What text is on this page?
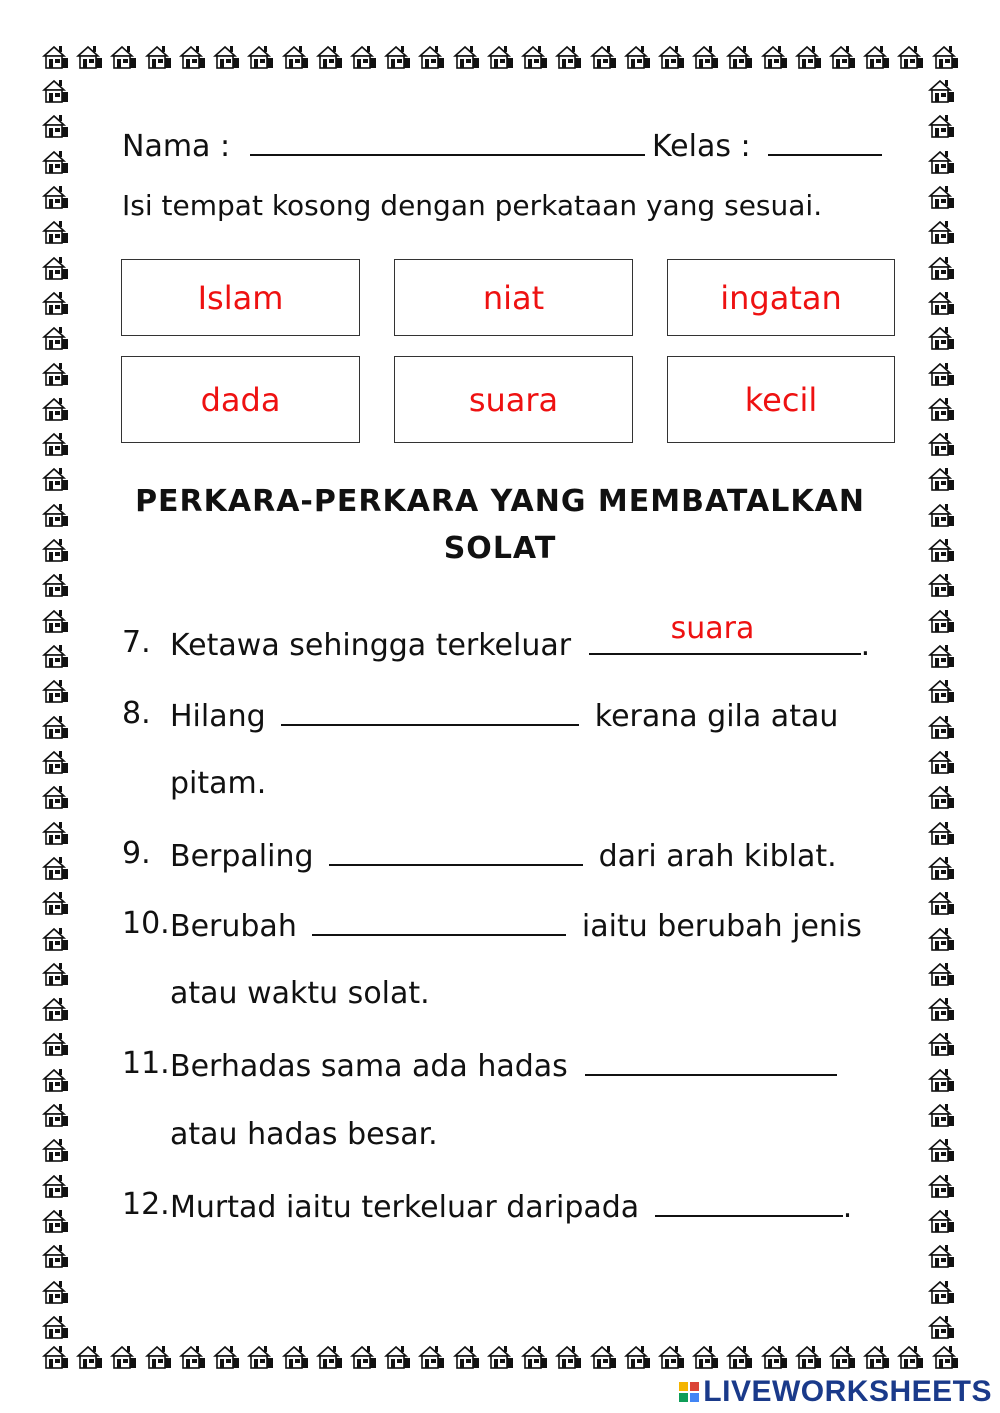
Nama :	Kelas :
Isi tempat kosong dengan perkataan yang sesuai.
Islam	niat	ingatan
dada	suara	kecil
PERKARA-PERKARA YANG MEMBATALKAN
SOLAT
7. Ketawa sehingga terkeluar	suara	.
8. Hilang	kerana gila atau
pitam.
9. Berpaling	dari arah kiblat.
10. Berubah	iaitu berubah jenis
atau waktu solat.
11. Berhadas sama ada hadas
atau hadas besar.
12. Murtad iaitu terkeluar daripada	.
LIVEWORKSHEETS
